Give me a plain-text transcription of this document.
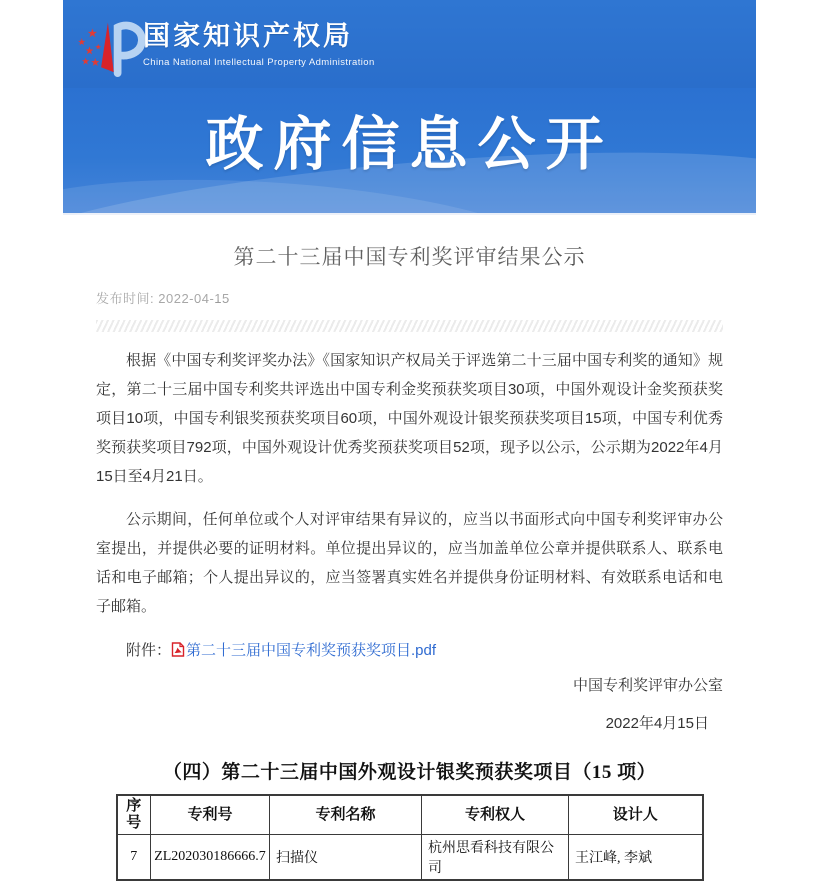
国家知识产权局
China National Intellectual Property Administration
政府信息公开

根据《中国专利奖评奖办法》《国家知识产权局关于评选第二十三届中国专利奖的通知》规定，第二十三届中国专利奖共评选出中国专利金奖预获奖项目30项，中国外观设计金奖预获奖项目10项，中国专利银奖预获奖项目60项，中国外观设计银奖预获奖项目15项，中国专利优秀奖预获奖项目792项，中国外观设计优秀奖预获奖项目52项，现予以公示，公示期为2022年4月15日至4月21日。

公示期间，任何单位或个人对评审结果有异议的，应当以书面形式向中国专利奖评审办公室提出，并提供必要的证明材料。单位提出异议的，应当加盖单位公章并提供联系人、联系电话和电子邮箱；个人提出异议的，应当签署真实姓名并提供身份证明材料、有效联系电话和电子邮箱。

附件： 第二十三届中国专利奖预获奖项目.pdf
中国专利奖评审办公室
2022年4月15日
（四）第二十三届中国外观设计银奖预获奖项目（15 项）
序 号	专利号	专利名称	专利权人	设计人
7	ZL202030186666.7	扫描仪	杭州思看科技有限公司	王江峰, 李斌
